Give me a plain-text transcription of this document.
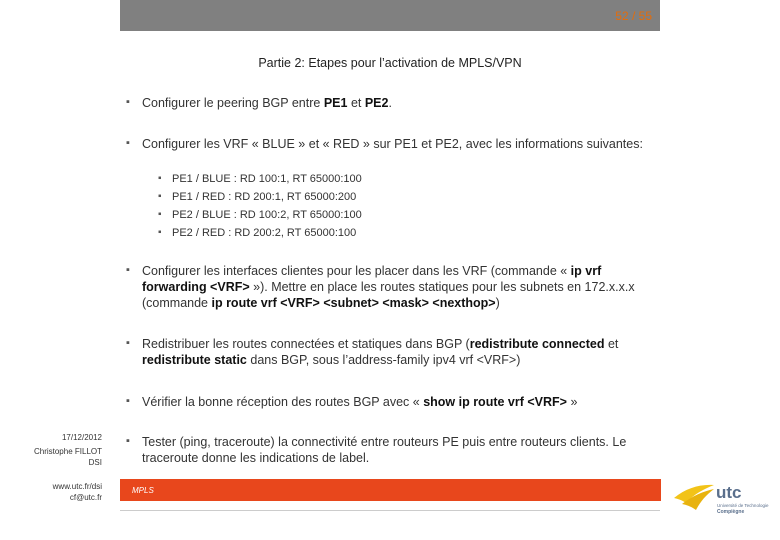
52 / 55
Partie 2: Etapes pour l’activation de MPLS/VPN
▪ Configurer le peering BGP entre PE1 et PE2.
▪ Configurer les VRF « BLUE » et « RED » sur PE1 et PE2, avec les informations suivantes:
▪ PE1 / BLUE : RD 100:1, RT 65000:100
▪ PE1 / RED : RD 200:1, RT 65000:200
▪ PE2 / BLUE : RD 100:2, RT 65000:100
▪ PE2 / RED : RD 200:2, RT 65000:100
▪ Configurer les interfaces clientes pour les placer dans les VRF (commande « ip vrf forwarding <VRF> »). Mettre en place les routes statiques pour les subnets en 172.x.x.x (commande ip route vrf <VRF> <subnet> <mask> <nexthop>)
▪ Redistribuer les routes connectées et statiques dans BGP (redistribute connected et redistribute static dans BGP, sous l’address-family ipv4 vrf <VRF>)
▪ Vérifier la bonne réception des routes BGP avec « show ip route vrf <VRF> »
▪ Tester (ping, traceroute) la connectivité entre routeurs PE puis entre routeurs clients. Le traceroute donne les indications de label.
17/12/2012
Christophe FILLOT
DSI
www.utc.fr/dsi
cf@utc.fr
MPLS	utc
Université de Technologie
Compiègne
